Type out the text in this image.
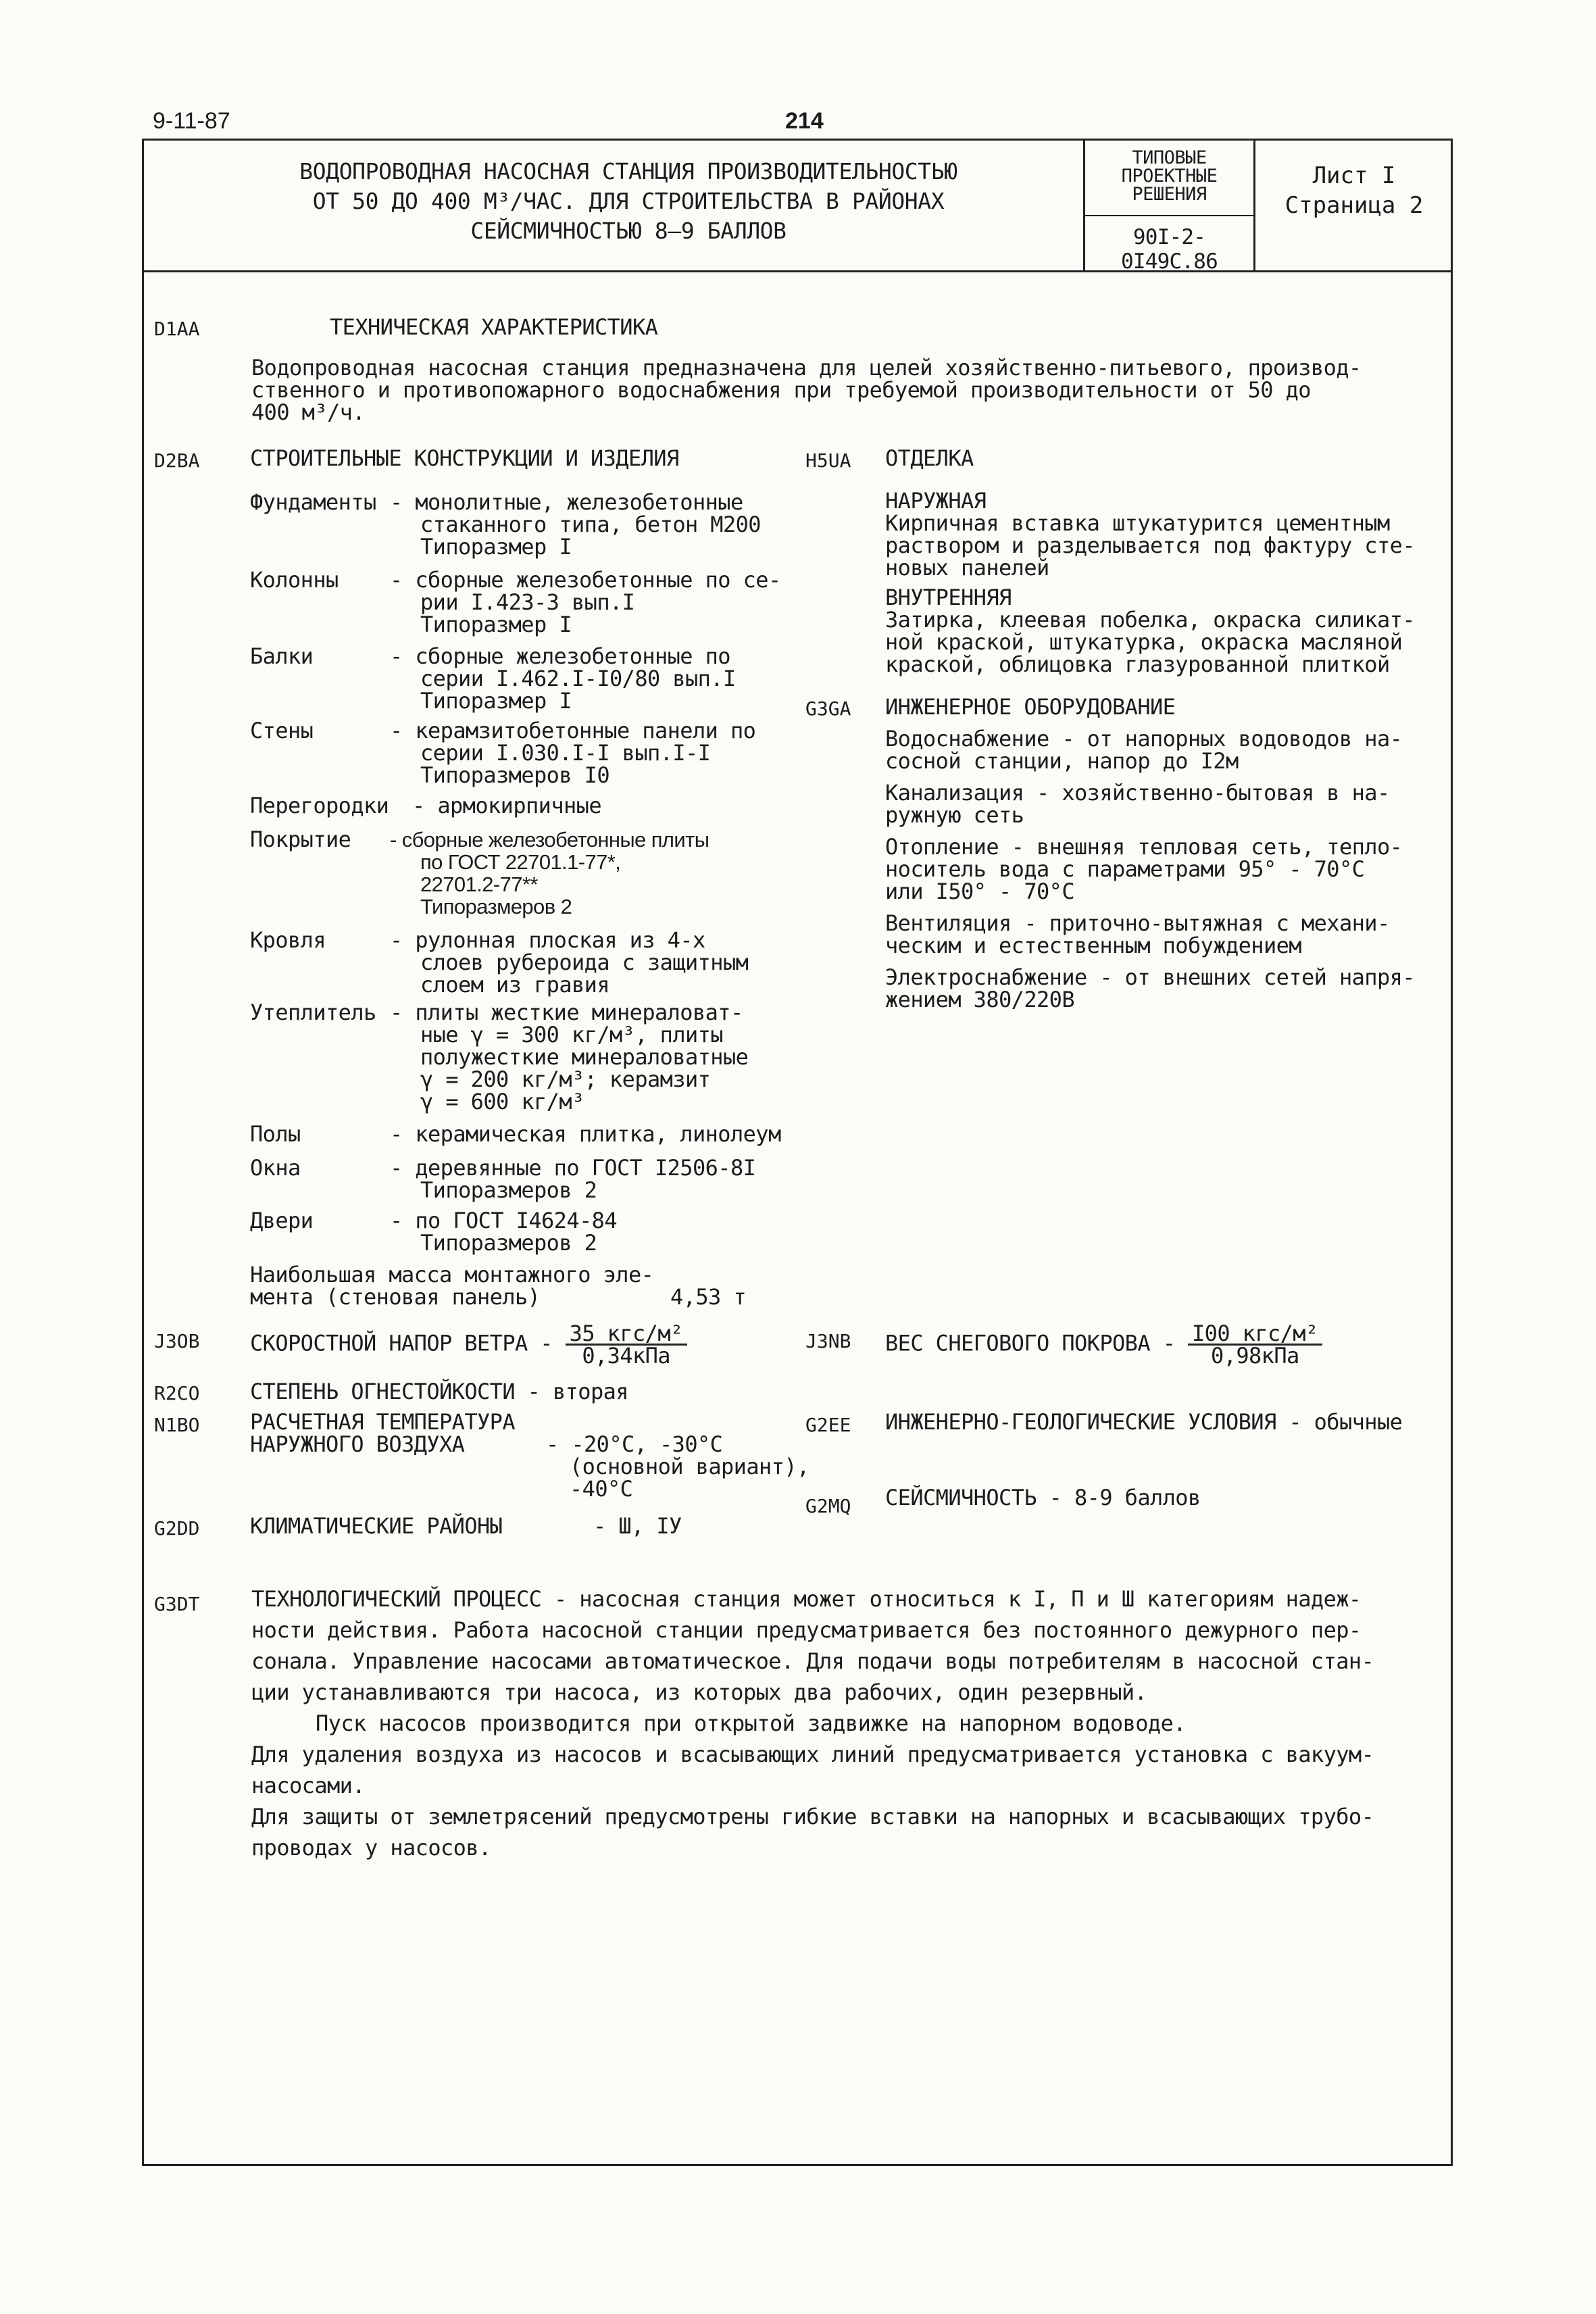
9-11-87	214
ВОДОПРОВОДНАЯ НАСОСНАЯ СТАНЦИЯ ПРОИЗВОДИТЕЛЬНОСТЬЮ
ОТ 50 ДО 400 М³/ЧАС. ДЛЯ СТРОИТЕЛЬСТВА В РАЙОНАХ
СЕЙСМИЧНОСТЬЮ 8–9 БАЛЛОВ
ТИПОВЫЕ
ПРОЕКТНЫЕ
РЕШЕНИЯ
90I-2-0I49С.86
Лист I
Страница 2
D1AA	ТЕХНИЧЕСКАЯ ХАРАКТЕРИСТИКА
Водопроводная насосная станция предназначена для целей хозяйственно-питьевого, производ-
ственного и противопожарного водоснабжения при требуемой производительности от 50 до
400 м³/ч.
D2BA СТРОИТЕЛЬНЫЕ КОНСТРУКЦИИ И ИЗДЕЛИЯ
Фундаменты - монолитные, железобетонные
стаканного типа, бетон М200
Типоразмер I
Колонны - сборные железобетонные по се-
рии I.423-3 вып.I
Типоразмер I
Балки	- сборные железобетонные по
серии I.462.I-I0/80 вып.I
Типоразмер I
Стены	- керамзитобетонные панели по
серии I.030.I-I вып.I-I
Типоразмеров I0
Перегородки - армокирпичные
Покрытие - сборные железобетонные плиты
по ГОСТ 22701.1-77*,
22701.2-77**
Типоразмеров 2
Кровля	- рулонная плоская из 4-х
слоев рубероида с защитным
слоем из гравия
Утеплитель - плиты жесткие минераловат-
ные γ = 300 кг/м³, плиты
полужесткие минераловатные
γ = 200 кг/м³; керамзит
γ = 600 кг/м³
Полы	- керамическая плитка, линолеум
Окна	- деревянные по ГОСТ I2506-8I
Типоразмеров 2
Двери	- по ГОСТ I4624-84
Типоразмеров 2
Наибольшая масса монтажного эле-
мента (стеновая панель)	4,53 т
H5UA ОТДЕЛКА
НАРУЖНАЯ
Кирпичная вставка штукатурится цементным
раствором и разделывается под фактуру сте-
новых панелей
ВНУТРЕННЯЯ
Затирка, клеевая побелка, окраска силикат-
ной краской, штукатурка, окраска масляной
краской, облицовка глазурованной плиткой
G3GA ИНЖЕНЕРНОЕ ОБОРУДОВАНИЕ
Водоснабжение - от напорных водоводов на-
сосной станции, напор до I2м
Канализация - хозяйственно-бытовая в на-
ружную сеть
Отопление - внешняя тепловая сеть, тепло-
носитель вода с параметрами 95° - 70°С
или I50° - 70°С
Вентиляция - приточно-вытяжная с механи-
ческим и естественным побуждением
Электроснабжение - от внешних сетей напря-
жением 380/220В
J3OB СКОРОСТНОЙ НАПОР ВЕТРА - $\frac{\text{35 кгс/м²}}{\text{0,34кПа}}$	J3NB ВЕС СНЕГОВОГО ПОКРОВА - $\frac{\text{I00 кгс/м²}}{\text{0,98кПа}}$
R2CO СТЕПЕНЬ ОГНЕСТОЙКОСТИ - вторая
N1BO РАСЧЕТНАЯ ТЕМПЕРАТУРА
НАРУЖНОГО ВОЗДУХА	- -20°С, -30°С
(основной вариант),
-40°С
G2EE ИНЖЕНЕРНО-ГЕОЛОГИЧЕСКИЕ УСЛОВИЯ - обычные
G2MQ СЕЙСМИЧНОСТЬ - 8-9 баллов
G2DD КЛИМАТИЧЕСКИЕ РАЙОНЫ	- Ш, IУ
G3DT ТЕХНОЛОГИЧЕСКИЙ ПРОЦЕСС - насосная станция может относиться к I, П и Ш категориям надеж-
ности действия. Работа насосной станции предусматривается без постоянного дежурного пер-
сонала. Управление насосами автоматическое. Для подачи воды потребителям в насосной стан-
ции устанавливаются три насоса, из которых два рабочих, один резервный.
Пуск насосов производится при открытой задвижке на напорном водоводе.
Для удаления воздуха из насосов и всасывающих линий предусматривается установка с вакуум-
насосами.
Для защиты от землетрясений предусмотрены гибкие вставки на напорных и всасывающих трубо-
проводах у насосов.
